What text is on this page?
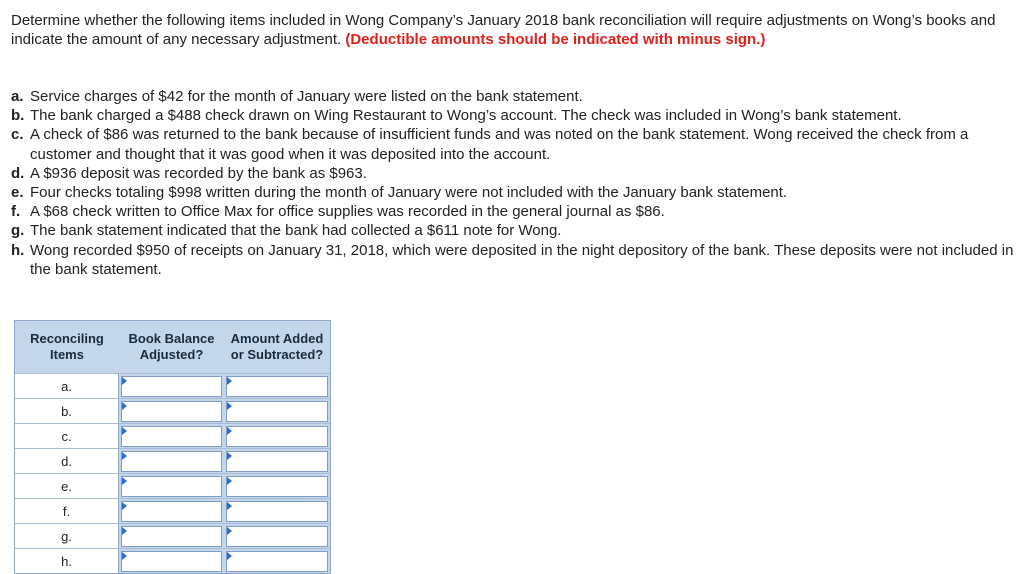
Determine whether the following items included in Wong Company’s January 2018 bank reconciliation will require adjustments on Wong’s books and indicate the amount of any necessary adjustment. (Deductible amounts should be indicated with minus sign.)
a. Service charges of $42 for the month of January were listed on the bank statement.
b. The bank charged a $488 check drawn on Wing Restaurant to Wong’s account. The check was included in Wong’s bank statement.
c. A check of $86 was returned to the bank because of insufficient funds and was noted on the bank statement. Wong received the check from a customer and thought that it was good when it was deposited into the account.
d. A $936 deposit was recorded by the bank as $963.
e. Four checks totaling $998 written during the month of January were not included with the January bank statement.
f. A $68 check written to Office Max for office supplies was recorded in the general journal as $86.
g. The bank statement indicated that the bank had collected a $611 note for Wong.
h. Wong recorded $950 of receipts on January 31, 2018, which were deposited in the night depository of the bank. These deposits were not included in the bank statement.
Reconciling Items	Book Balance Adjusted?	Amount Added or Subtracted?
a.	

b.	

c.	

d.	

e.	

f.	

g.	

h.	
